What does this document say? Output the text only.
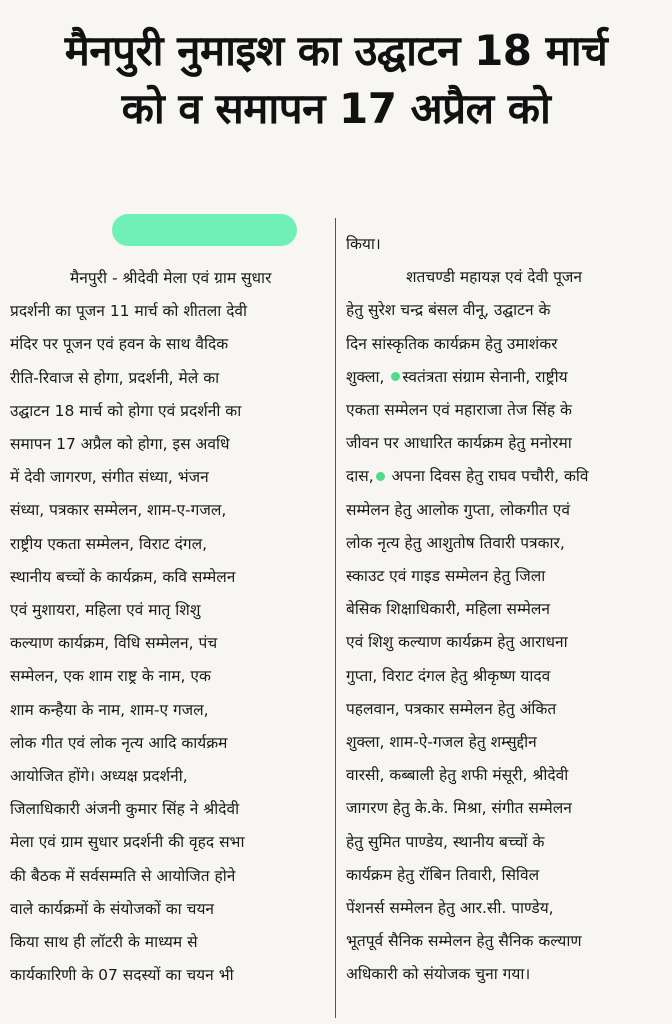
मैनपुरी नुमाइश का उद्घाटन 18 मार्च
को व समापन 17 अप्रैल को
मैनपुरी - श्रीदेवी मेला एवं ग्राम सुधार
प्रदर्शनी का पूजन 11 मार्च को शीतला देवी
मंदिर पर पूजन एवं हवन के साथ वैदिक
रीति-रिवाज से होगा, प्रदर्शनी, मेले का
उद्घाटन 18 मार्च को होगा एवं प्रदर्शनी का
समापन 17 अप्रैल को होगा, इस अवधि
में देवी जागरण, संगीत संध्या, भंजन
संध्या, पत्रकार सम्मेलन, शाम-ए-गजल,
राष्ट्रीय एकता सम्मेलन, विराट दंगल,
स्थानीय बच्चों के कार्यक्रम, कवि सम्मेलन
एवं मुशायरा, महिला एवं मातृ शिशु
कल्याण कार्यक्रम, विधि सम्मेलन, पंच
सम्मेलन, एक शाम राष्ट्र के नाम, एक
शाम कन्हैया के नाम, शाम-ए गजल,
लोक गीत एवं लोक नृत्य आदि कार्यक्रम
आयोजित होंगे। अध्यक्ष प्रदर्शनी,
जिलाधिकारी अंजनी कुमार सिंह ने श्रीदेवी
मेला एवं ग्राम सुधार प्रदर्शनी की वृहद सभा
की बैठक में सर्वसम्मति से आयोजित होने
वाले कार्यक्रमों के संयोजकों का चयन
किया साथ ही लॉटरी के माध्यम से
कार्यकारिणी के 07 सदस्यों का चयन भी
किया।
शतचण्डी महायज्ञ एवं देवी पूजन
हेतु सुरेश चन्द्र बंसल वीनू, उद्घाटन के
दिन सांस्कृतिक कार्यक्रम हेतु उमाशंकर
शुक्ला, स्वतंत्रता संग्राम सेनानी, राष्ट्रीय
एकता सम्मेलन एवं महाराजा तेज सिंह के
जीवन पर आधारित कार्यक्रम हेतु मनोरमा
दास, अपना दिवस हेतु राघव पचौरी, कवि
सम्मेलन हेतु आलोक गुप्ता, लोकगीत एवं
लोक नृत्य हेतु आशुतोष तिवारी पत्रकार,
स्काउट एवं गाइड सम्मेलन हेतु जिला
बेसिक शिक्षाधिकारी, महिला सम्मेलन
एवं शिशु कल्याण कार्यक्रम हेतु आराधना
गुप्ता, विराट दंगल हेतु श्रीकृष्ण यादव
पहलवान, पत्रकार सम्मेलन हेतु अंकित
शुक्ला, शाम-ऐ-गजल हेतु शम्सुद्दीन
वारसी, कब्बाली हेतु शफी मंसूरी, श्रीदेवी
जागरण हेतु के.के. मिश्रा, संगीत सम्मेलन
हेतु सुमित पाण्डेय, स्थानीय बच्चों के
कार्यक्रम हेतु रॉबिन तिवारी, सिविल
पेंशनर्स सम्मेलन हेतु आर.सी. पाण्डेय,
भूतपूर्व सैनिक सम्मेलन हेतु सैनिक कल्याण
अधिकारी को संयोजक चुना गया।
